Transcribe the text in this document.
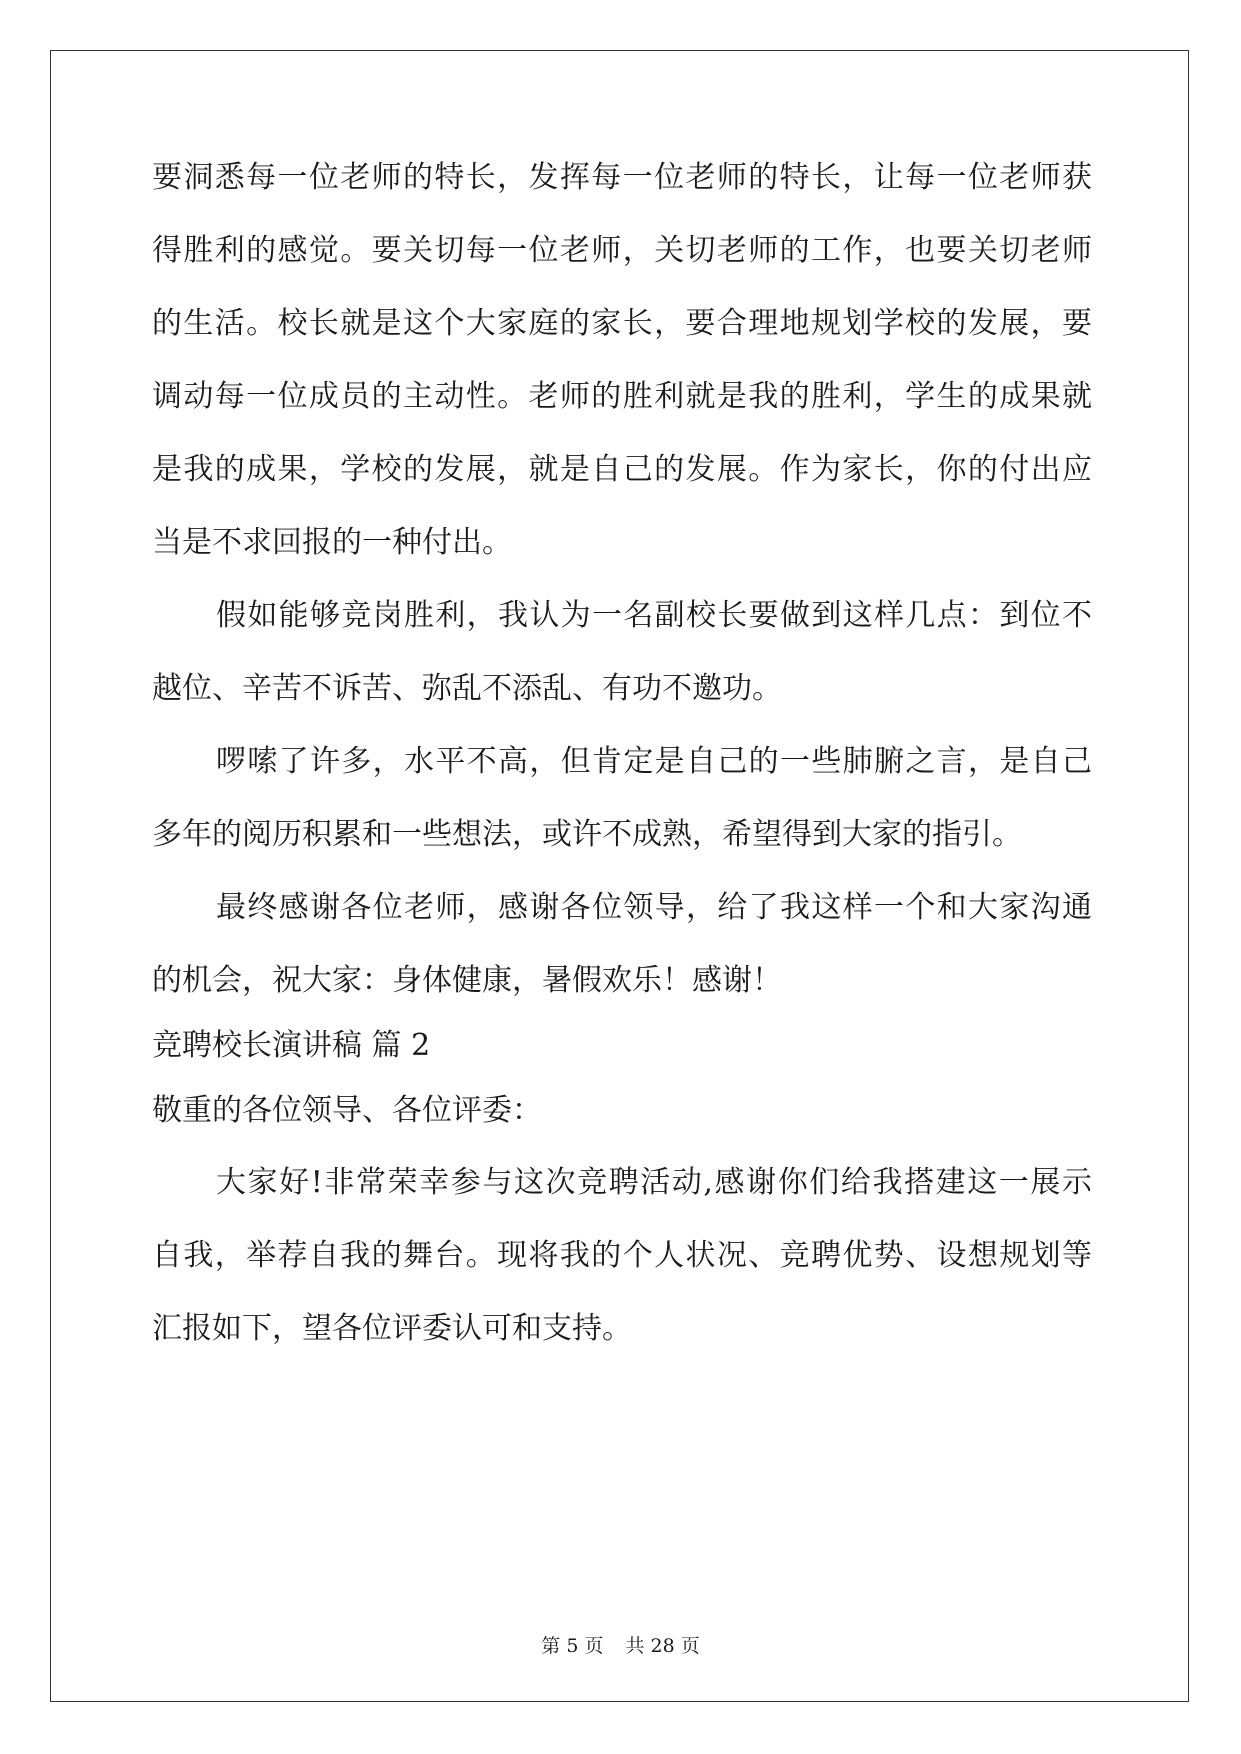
要洞悉每一位老师的特长，发挥每一位老师的特长，让每一位老师获
得胜利的感觉。要关切每一位老师，关切老师的工作，也要关切老师
的生活。校长就是这个大家庭的家长，要合理地规划学校的发展，要
调动每一位成员的主动性。老师的胜利就是我的胜利，学生的成果就
是我的成果，学校的发展，就是自己的发展。作为家长，你的付出应
当是不求回报的一种付出。
假如能够竞岗胜利，我认为一名副校长要做到这样几点：到位不
越位、辛苦不诉苦、弥乱不添乱、有功不邀功。
啰嗦了许多，水平不高，但肯定是自己的一些肺腑之言，是自己
多年的阅历积累和一些想法，或许不成熟，希望得到大家的指引。
最终感谢各位老师，感谢各位领导，给了我这样一个和大家沟通
的机会，祝大家：身体健康，暑假欢乐！感谢！
竞聘校长演讲稿 篇 2
敬重的各位领导、各位评委：
大家好!非常荣幸参与这次竞聘活动,感谢你们给我搭建这一展示
自我，举荐自我的舞台。现将我的个人状况、竞聘优势、设想规划等
汇报如下，望各位评委认可和支持。
第 5 页 共 28 页
